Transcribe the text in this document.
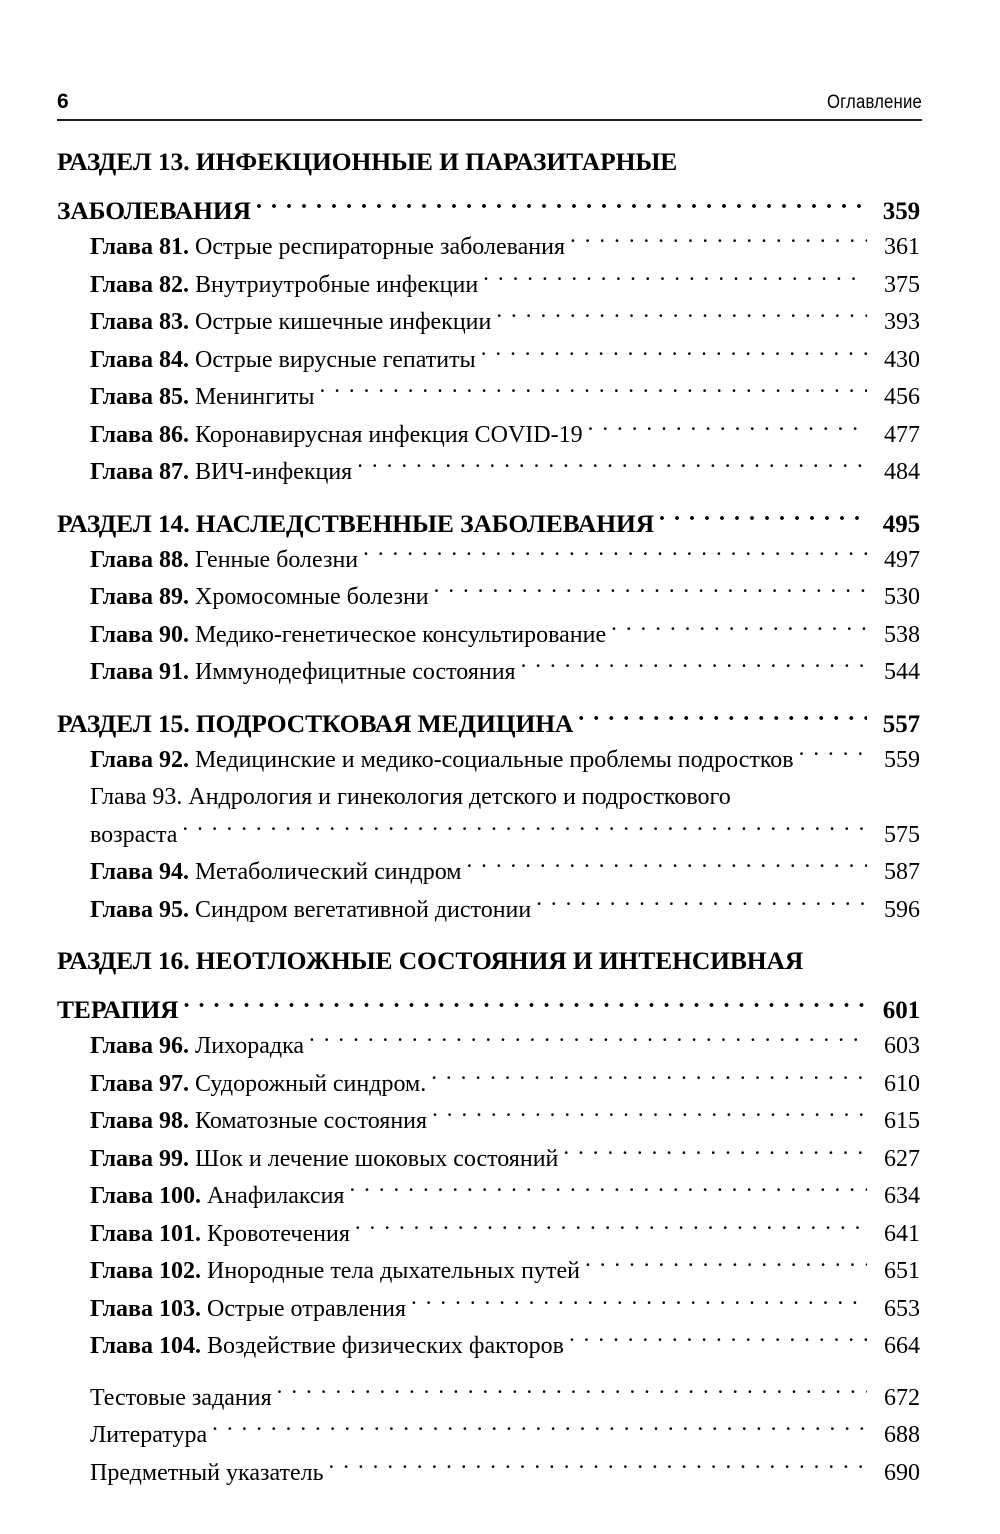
6	Оглавление
РАЗДЕЛ 13. ИНФЕКЦИОННЫЕ И ПАРАЗИТАРНЫЕ
ЗАБОЛЕВАНИЯ . . .	359
Глава 81. Острые респираторные заболевания . . .	361
Глава 82. Внутриутробные инфекции . . .	375
Глава 83. Острые кишечные инфекции . . .	393
Глава 84. Острые вирусные гепатиты . . .	430
Глава 85. Менингиты . . .	456
Глава 86. Коронавирусная инфекция COVID-19 . . .	477
Глава 87. ВИЧ-инфекция . . .	484
РАЗДЕЛ 14. НАСЛЕДСТВЕННЫЕ ЗАБОЛЕВАНИЯ . . .	495
Глава 88. Генные болезни . . .	497
Глава 89. Хромосомные болезни . . .	530
Глава 90. Медико-генетическое консультирование . . .	538
Глава 91. Иммунодефицитные состояния . . .	544
РАЗДЕЛ 15. ПОДРОСТКОВАЯ МЕДИЦИНА . . .	557
Глава 92. Медицинские и медико-социальные проблемы подростков . . .	559
Глава 93. Андрология и гинекология детского и подросткового
возраста . . .	575
Глава 94. Метаболический синдром . . .	587
Глава 95. Синдром вегетативной дистонии . . .	596
РАЗДЕЛ 16. НЕОТЛОЖНЫЕ СОСТОЯНИЯ И ИНТЕНСИВНАЯ
ТЕРАПИЯ . . .	601
Глава 96. Лихорадка . . .	603
Глава 97. Судорожный синдром. . . .	610
Глава 98. Коматозные состояния . . .	615
Глава 99. Шок и лечение шоковых состояний . . .	627
Глава 100. Анафилаксия . . .	634
Глава 101. Кровотечения . . .	641
Глава 102. Инородные тела дыхательных путей . . .	651
Глава 103. Острые отравления . . .	653
Глава 104. Воздействие физических факторов . . .	664
Тестовые задания . . .	672
Литература . . .	688
Предметный указатель . . .	690
